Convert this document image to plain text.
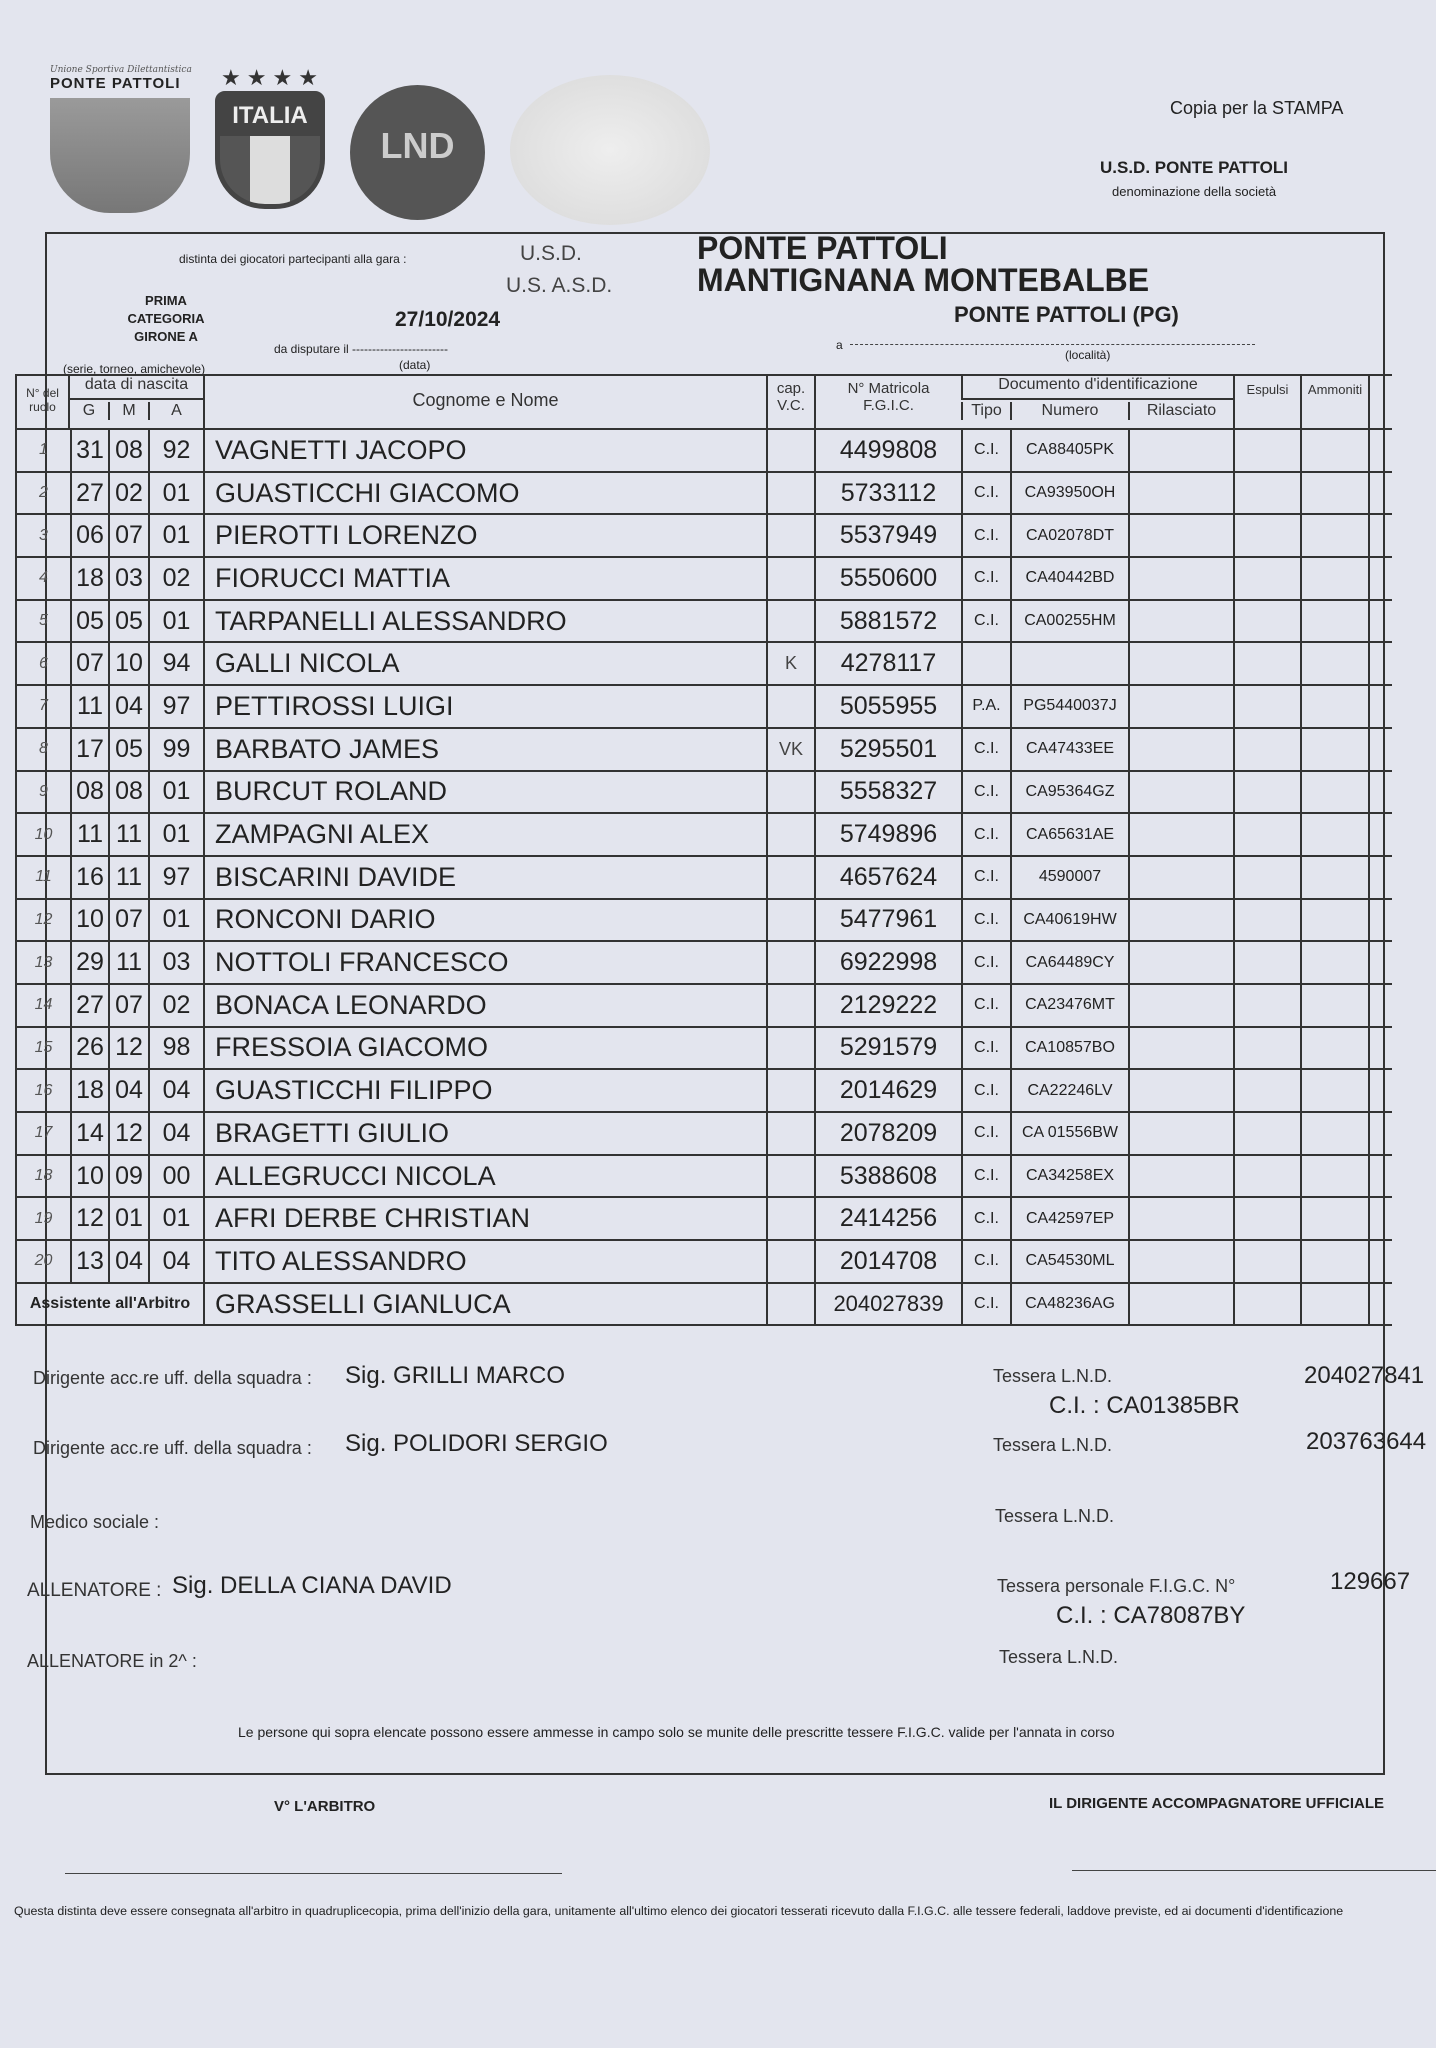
Unione Sportiva Dilettantistica
PONTE PATTOLI	★★★★
ITALIA
LND
Copia per la STAMPA
U.S.D. PONTE PATTOLI
denominazione della società
distinta dei giocatori partecipanti alla gara :	U.S.D.
U.S. A.S.D.
PONTE PATTOLI
MANTIGNANA MONTEBALBE
PONTE PATTOLI (PG)
PRIMA
CATEGORIA
GIRONE A
27/10/2024
da disputare il ------------------------	a
(data)
(località)
(serie, torneo, amichevole)
N° del ruolo
data di nascita
G	M	A
Cognome e Nome
cap. V.C.
N° Matricola F.G.I.C.
Documento d'identificazione
Tipo	Numero	Rilasciato
Espulsi	Ammoniti
1	31 08 92 VAGNETTI JACOPO	4499808	C.I.	CA88405PK
2	27 02 01 GUASTICCHI GIACOMO	5733112	C.I.	CA93950OH
3	06 07 01 PIEROTTI LORENZO	5537949	C.I.	CA02078DT
4	18 03 02 FIORUCCI MATTIA	5550600	C.I.	CA40442BD
5	05 05 01 TARPANELLI ALESSANDRO	5881572	C.I.	CA00255HM
6	07 10 94 GALLI NICOLA	K	4278117
7	11 04 97 PETTIROSSI LUIGI	5055955	P.A.	PG5440037J
8	17 05 99 BARBATO JAMES	VK	5295501	C.I.	CA47433EE
9	08 08 01 BURCUT ROLAND	5558327	C.I.	CA95364GZ
10 11 11 01 ZAMPAGNI ALEX	5749896	C.I.	CA65631AE
11 16 11 97 BISCARINI DAVIDE	4657624	C.I.	4590007
12 10 07 01 RONCONI DARIO	5477961	C.I.	CA40619HW
13 29 11 03 NOTTOLI FRANCESCO	6922998	C.I.	CA64489CY
14 27 07 02 BONACA LEONARDO	2129222	C.I.	CA23476MT
15 26 12 98 FRESSOIA GIACOMO	5291579	C.I.	CA10857BO
16 18 04 04 GUASTICCHI FILIPPO	2014629	C.I.	CA22246LV
17 14 12 04 BRAGETTI GIULIO	2078209	C.I.	CA 01556BW
18 10 09 00 ALLEGRUCCI NICOLA	5388608	C.I.	CA34258EX
19 12 01 01 AFRI DERBE CHRISTIAN	2414256	C.I.	CA42597EP
20 13 04 04 TITO ALESSANDRO	2014708	C.I.	CA54530ML
Assistente all'Arbitro GRASSELLI GIANLUCA	204027839	C.I.	CA48236AG
Dirigente acc.re uff. della squadra : Sig. GRILLI MARCO	Tessera L.N.D.	204027841
C.I. : CA01385BR
Dirigente acc.re uff. della squadra : Sig. POLIDORI SERGIO	Tessera L.N.D.	203763644
Medico sociale :	Tessera L.N.D.
ALLENATORE : Sig. DELLA CIANA DAVID	Tessera personale F.I.G.C. N°	129667
C.I. : CA78087BY
ALLENATORE in 2^ :	Tessera L.N.D.
Le persone qui sopra elencate possono essere ammesse in campo solo se munite delle prescritte tessere F.I.G.C. valide per l'annata in corso
V° L'ARBITRO	IL DIRIGENTE ACCOMPAGNATORE UFFICIALE
Questa distinta deve essere consegnata all'arbitro in quadruplicecopia, prima dell'inizio della gara, unitamente all'ultimo elenco dei giocatori tesserati ricevuto dalla F.I.G.C. alle tessere federali, laddove previste, ed ai documenti d'identificazione
